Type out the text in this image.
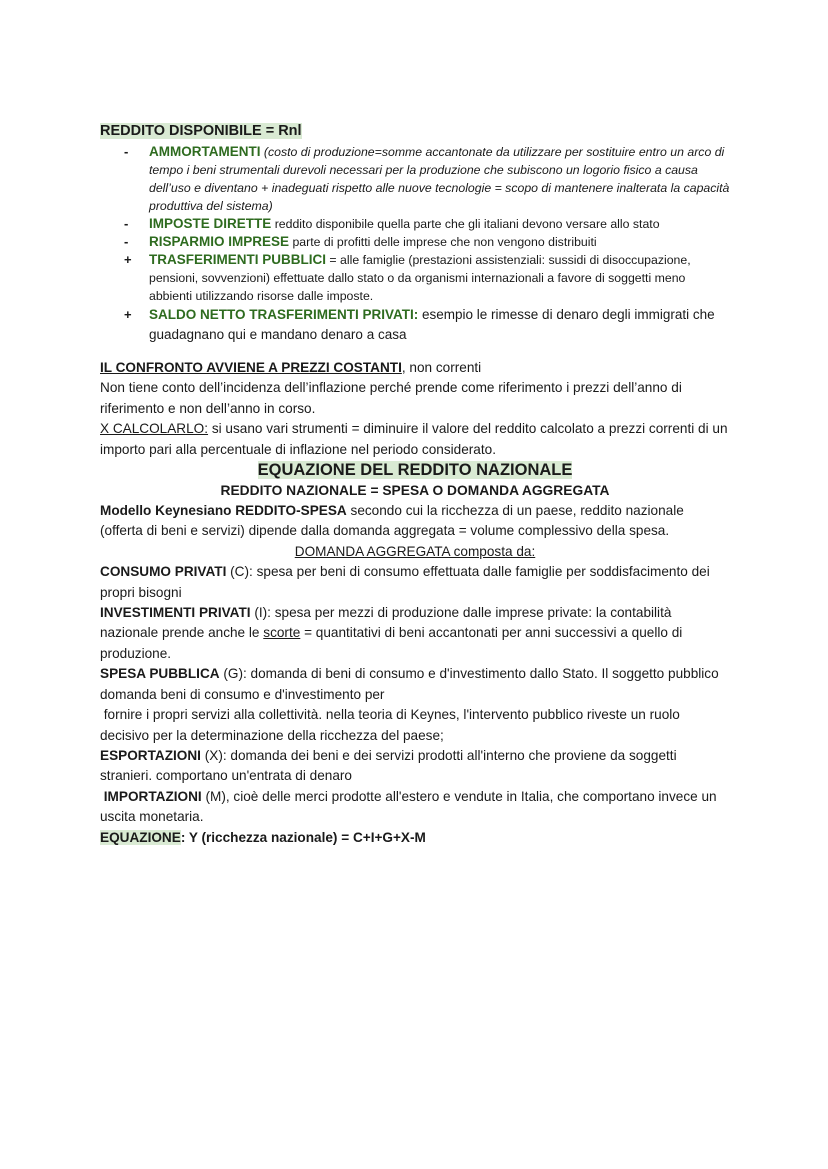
REDDITO DISPONIBILE = Rnl

- AMMORTAMENTI (costo di produzione=somme accantonate da utilizzare per sostituire entro un arco di tempo i beni strumentali durevoli necessari per la produzione che subiscono un logorio fisico a causa dell’uso e diventano + inadeguati rispetto alle nuove tecnologie = scopo di mantenere inalterata la capacità produttiva del sistema)
- IMPOSTE DIRETTE reddito disponibile quella parte che gli italiani devono versare allo stato
- RISPARMIO IMPRESE parte di profitti delle imprese che non vengono distribuiti
+ TRASFERIMENTI PUBBLICI = alle famiglie (prestazioni assistenziali: sussidi di disoccupazione, pensioni, sovvenzioni) effettuate dallo stato o da organismi internazionali a favore di soggetti meno abbienti utilizzando risorse dalle imposte.
+ SALDO NETTO TRASFERIMENTI PRIVATI: esempio le rimesse di denaro degli immigrati che guadagnano qui e mandano denaro a casa

IL CONFRONTO AVVIENE A PREZZI COSTANTI, non correnti

Non tiene conto dell’incidenza dell’inflazione perché prende come riferimento i prezzi dell’anno di riferimento e non dell’anno in corso.

X CALCOLARLO: si usano vari strumenti = diminuire il valore del reddito calcolato a prezzi correnti di un importo pari alla percentuale di inflazione nel periodo considerato.

EQUAZIONE DEL REDDITO NAZIONALE
REDDITO NAZIONALE = SPESA O DOMANDA AGGREGATA

Modello Keynesiano REDDITO-SPESA secondo cui la ricchezza di un paese, reddito nazionale (offerta di beni e servizi) dipende dalla domanda aggregata = volume complessivo della spesa.

DOMANDA AGGREGATA composta da:

CONSUMO PRIVATI (C): spesa per beni di consumo effettuata dalle famiglie per soddisfacimento dei propri bisogni

INVESTIMENTI PRIVATI (I): spesa per mezzi di produzione dalle imprese private: la contabilità nazionale prende anche le scorte = quantitativi di beni accantonati per anni successivi a quello di produzione.

SPESA PUBBLICA (G): domanda di beni di consumo e d'investimento dallo Stato. Il soggetto pubblico domanda beni di consumo e d'investimento per

fornire i propri servizi alla collettività. nella teoria di Keynes, l'intervento pubblico riveste un ruolo decisivo per la determinazione della ricchezza del paese;

ESPORTAZIONI (X): domanda dei beni e dei servizi prodotti all'interno che proviene da soggetti stranieri. comportano un'entrata di denaro

IMPORTAZIONI (M), cioè delle merci prodotte all'estero e vendute in Italia, che comportano invece un uscita monetaria.

EQUAZIONE: Y (ricchezza nazionale) = C+I+G+X-M
